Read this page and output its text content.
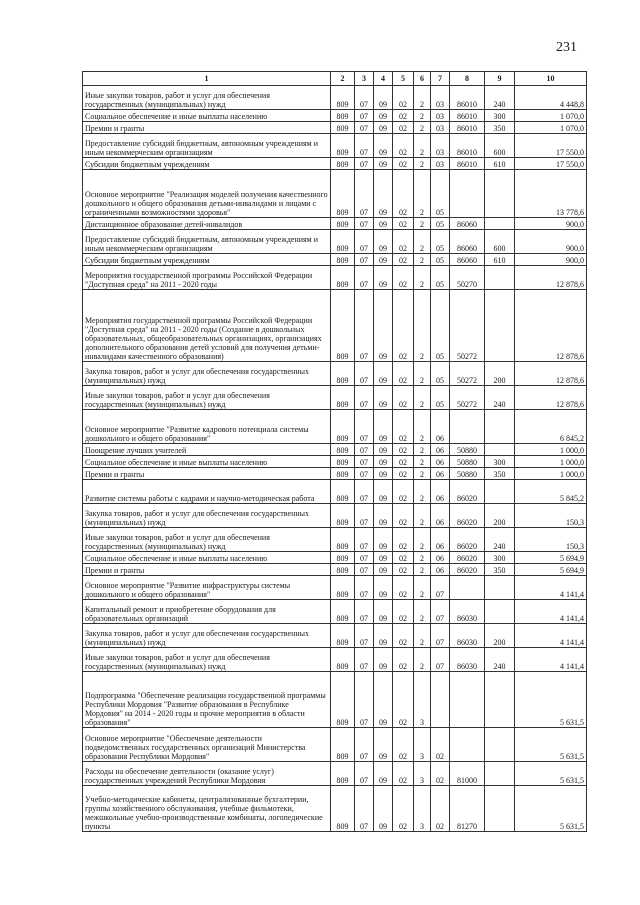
231
1	2	3	4	5	6	7	8	9	10
Иные закупки товаров, работ и услуг для обеспечения государственных (муниципальных) нужд	809	07	09	02	2	03	86010	240	4 448,8
Социальное обеспечение и иные выплаты населению	809	07	09	02	2	03	86010	300	1 070,0
Премии и гранты	809	07	09	02	2	03	86010	350	1 070,0
Предоставление субсидий бюджетным, автономным учреждениям и иным некоммерческим организациям	809	07	09	02	2	03	86010	600	17 550,0
Субсидии бюджетным учреждениям	809	07	09	02	2	03	86010	610	17 550,0
Основное мероприятие "Реализация моделей получения качественного дошкольного и общего образования детьми-инвалидами и лицами с ограниченными возможностями здоровья"	809	07	09	02	2	05			13 778,6
Дистанционное образование детей-инвалидов	809	07	09	02	2	05	86060		900,0
Предоставление субсидий бюджетным, автономным учреждениям и иным некоммерческим организациям	809	07	09	02	2	05	86060	600	900,0
Субсидии бюджетным учреждениям	809	07	09	02	2	05	86060	610	900,0
Мероприятия государственной программы Российской Федерации "Доступная среда" на 2011 - 2020 годы	809	07	09	02	2	05	50270		12 878,6
Мероприятия государственной программы Российской Федерации "Доступная среда" на 2011 - 2020 годы (Создание в дошкольных образовательных, общеобразовательных организациях, организациях дополнительного образования детей условий для получения детьми-инвалидами качественного образования)	809	07	09	02	2	05	50272		12 878,6
Закупка товаров, работ и услуг для обеспечения государственных (муниципальных) нужд	809	07	09	02	2	05	50272	200	12 878,6
Иные закупки товаров, работ и услуг для обеспечения государственных (муниципальных) нужд	809	07	09	02	2	05	50272	240	12 878,6
Основное мероприятие "Развитие кадрового потенциала системы дошкольного и общего образования"	809	07	09	02	2	06			6 845,2
Поощрение лучших учителей	809	07	09	02	2	06	50880		1 000,0
Социальное обеспечение и иные выплаты населению	809	07	09	02	2	06	50880	300	1 000,0
Премии и гранты	809	07	09	02	2	06	50880	350	1 000,0
Развитие системы работы с кадрами и научно-методическая работа	809	07	09	02	2	06	86020		5 845,2
Закупка товаров, работ и услуг для обеспечения государственных (муниципальных) нужд	809	07	09	02	2	06	86020	200	150,3
Иные закупки товаров, работ и услуг для обеспечения государственных (муниципальных) нужд	809	07	09	02	2	06	86020	240	150,3
Социальное обеспечение и иные выплаты населению	809	07	09	02	2	06	86020	300	5 694,9
Премии и гранты	809	07	09	02	2	06	86020	350	5 694,9
Основное мероприятие "Развитие инфраструктуры системы дошкольного и общего образования"	809	07	09	02	2	07			4 141,4
Капитальный ремонт и приобретение оборудования для образовательных организаций	809	07	09	02	2	07	86030		4 141,4
Закупка товаров, работ и услуг для обеспечения государственных (муниципальных) нужд	809	07	09	02	2	07	86030	200	4 141,4
Иные закупки товаров, работ и услуг для обеспечения государственных (муниципальных) нужд	809	07	09	02	2	07	86030	240	4 141,4
Подпрограмма "Обеспечение реализации государственной программы Республики Мордовия "Развитие образования в Республике Мордовия" на 2014 - 2020 годы и прочие мероприятия в области образования"	809	07	09	02	3				5 631,5
Основное мероприятие "Обеспечение деятельности подведомственных государственных организаций Министерства образования Республики Мордовия"	809	07	09	02	3	02			5 631,5
Расходы на обеспечение деятельности (оказание услуг) государственных учреждений Республики Мордовия	809	07	09	02	3	02	81000		5 631,5
Учебно-методические кабинеты, централизованные бухгалтерии, группы хозяйственного обслуживания, учебные фильмотеки, межшкольные учебно-производственные комбинаты, логопедические пункты	809	07	09	02	3	02	81270		5 631,5
